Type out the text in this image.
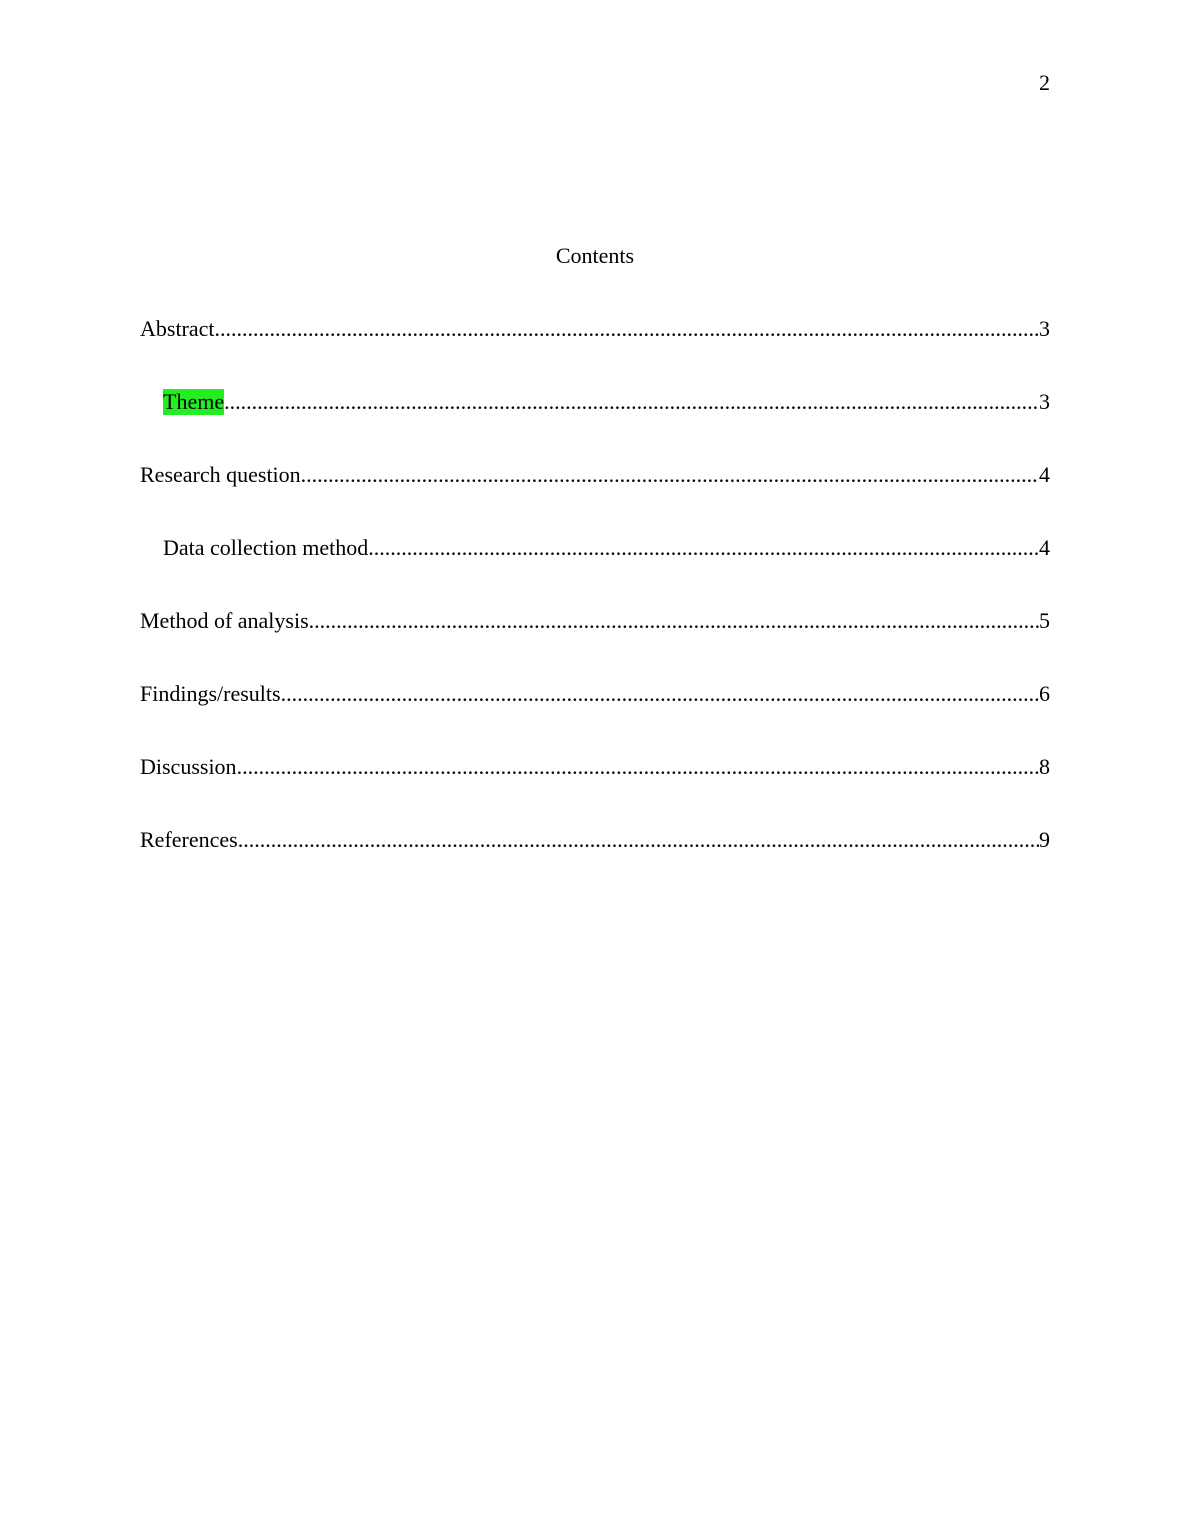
2
Contents
Abstract .....	3
Theme .....	3
Research question .....	4
Data collection method .....	4
Method of analysis .....	5
Findings/results .....	6
Discussion .....	8
References .....	9
